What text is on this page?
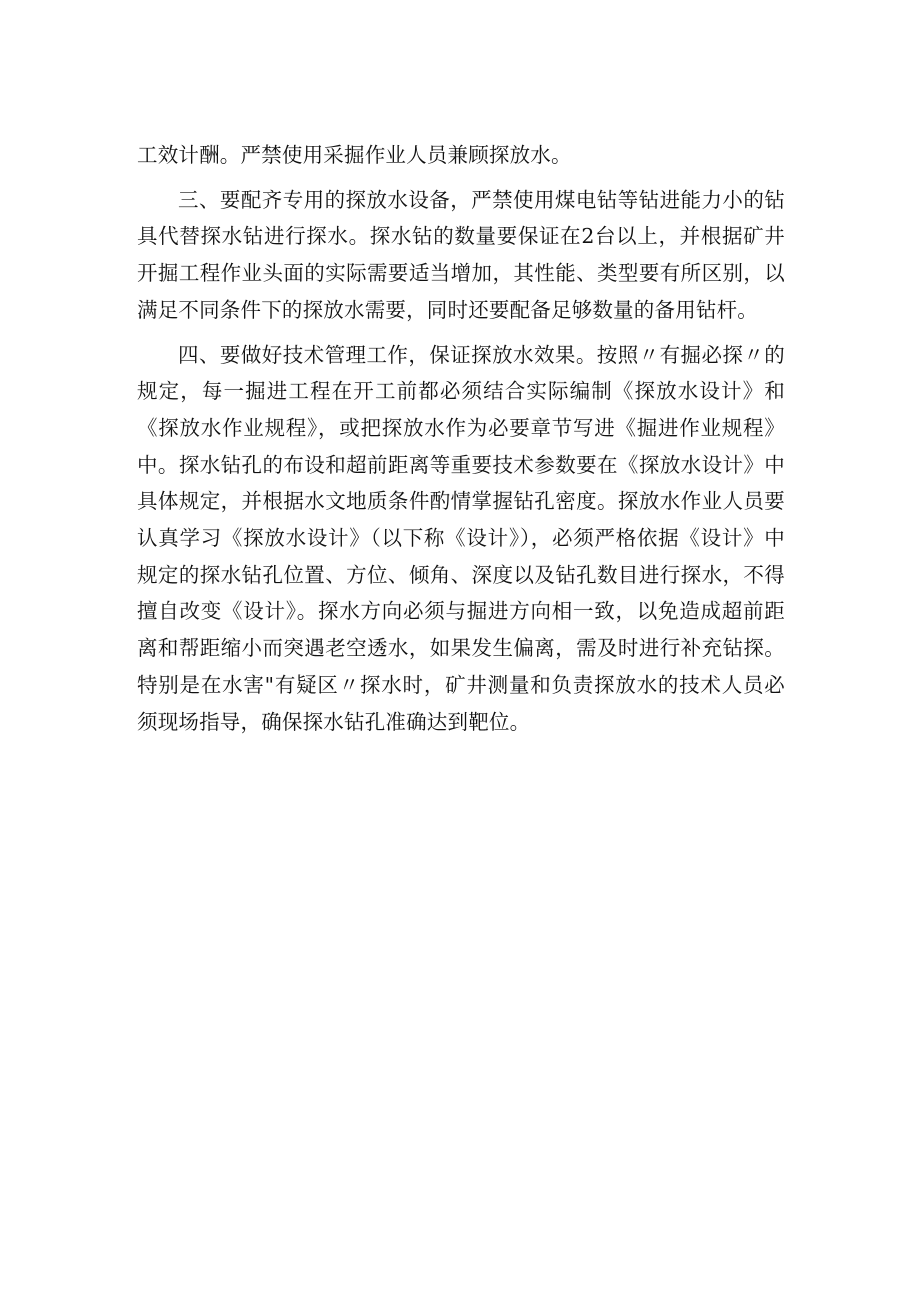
工效计酬。严禁使用采掘作业人员兼顾探放水。

三、要配齐专用的探放水设备，严禁使用煤电钻等钻进能力小的钻具代替探水钻进行探水。探水钻的数量要保证在2台以上，并根据矿井开掘工程作业头面的实际需要适当增加，其性能、类型要有所区别，以满足不同条件下的探放水需要，同时还要配备足够数量的备用钻杆。

四、要做好技术管理工作，保证探放水效果。按照〃有掘必探〃的规定，每一掘进工程在开工前都必须结合实际编制《探放水设计》和《探放水作业规程》，或把探放水作为必要章节写进《掘进作业规程》中。探水钻孔的布设和超前距离等重要技术参数要在《探放水设计》中具体规定，并根据水文地质条件酌情掌握钻孔密度。探放水作业人员要认真学习《探放水设计》（以下称《设计》），必须严格依据《设计》中规定的探水钻孔位置、方位、倾角、深度以及钻孔数目进行探水，不得擅自改变《设计》。探水方向必须与掘进方向相一致，以免造成超前距离和帮距缩小而突遇老空透水，如果发生偏离，需及时进行补充钻探。特别是在水害"有疑区〃探水时，矿井测量和负责探放水的技术人员必须现场指导，确保探水钻孔准确达到靶位。
